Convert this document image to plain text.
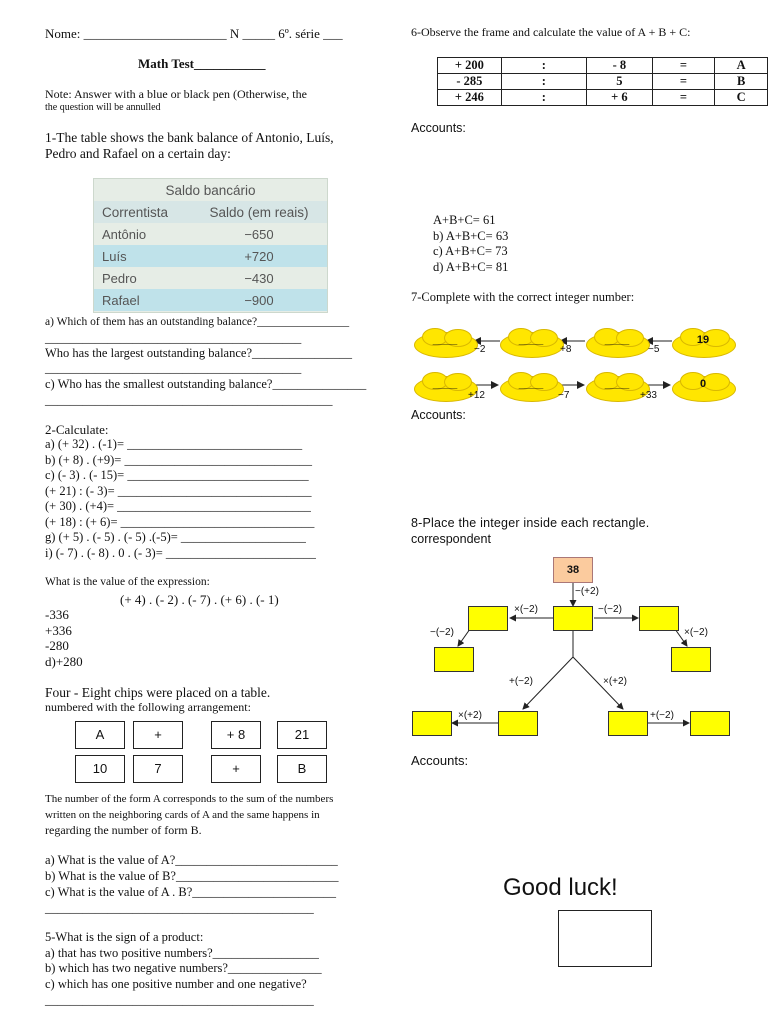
Nome: ______________________ N _____ 6º. série ___
Math Test___________
Note: Answer with a blue or black pen (Otherwise, the
the question will be annulled
1-The table shows the bank balance of Antonio, Luís,
Pedro and Rafael on a certain day:
Saldo bancário	
Correntista	Saldo (em reais)
Antônio	−650
Luís	+720
Pedro	−430
Rafael	−900
a) Which of them has an outstanding balance?________________
_________________________________________
Who has the largest outstanding balance?________________
_________________________________________
c) Who has the smallest outstanding balance?_______________
______________________________________________
2-Calculate:
a) (+ 32) . (-1)= ____________________________
b) (+ 8) . (+9)= ______________________________
c) (- 3) . (- 15)= _____________________________
(+ 21) : (- 3)= _______________________________
(+ 30) . (+4)= _______________________________
(+ 18) : (+ 6)= _______________________________
g) (+ 5) . (- 5) . (- 5) .(-5)= ____________________
i) (- 7) . (- 8) . 0 . (- 3)= ________________________
What is the value of the expression:
(+ 4) . (- 2) . (- 7) . (+ 6) . (- 1)
-336
+336
-280
d)+280
Four - Eight chips were placed on a table.
numbered with the following arrangement:
A	+	+ 8	21
10	7	+	B
The number of the form A corresponds to the sum of the numbers
written on the neighboring cards of A and the same happens in
regarding the number of form B.
a) What is the value of A?__________________________
b) What is the value of B?__________________________
c) What is the value of A . B?_______________________
___________________________________________
5-What is the sign of a product:
a) that has two positive numbers?_________________
b) which has two negative numbers?_______________
c) which has one positive number and one negative?
___________________________________________
6-Observe the frame and calculate the value of A + B + C:
+ 200	:	- 8	=	A
- 285	:	5	=	B
+ 246	:	+ 6	=	C
Accounts:
A+B+C= 61
b) A+B+C= 63
c) A+B+C= 73
d) A+B+C= 81
7-Complete with the correct integer number:
____	____	____	19
−2	+8	−5
____	____	____	0
+12	−7	+33
Accounts:
8-Place the integer inside each rectangle.
correspondent
38
−(+2)
×(−2)	−(−2)
−(−2)	×(−2)
+(−2)	×(+2)
×(+2)	+(−2)
Accounts:
Good luck!
